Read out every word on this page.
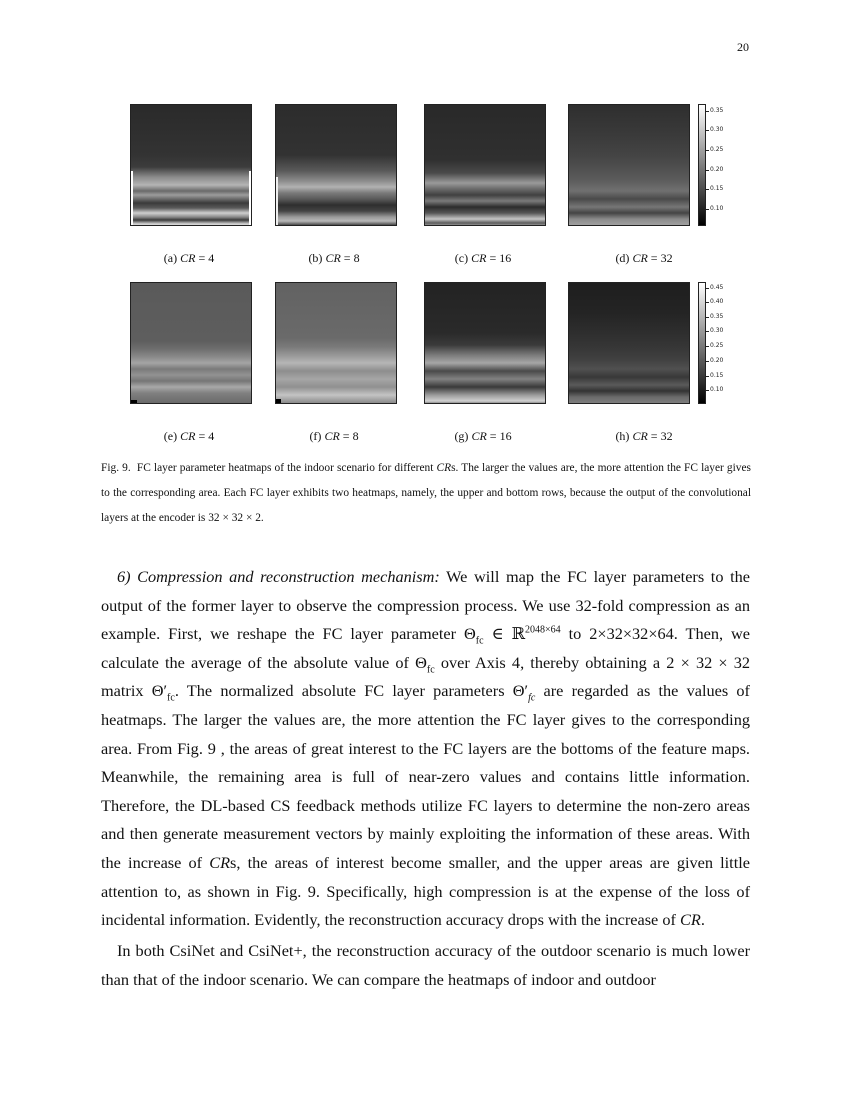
20
0.35
0.30
0.25
0.20
0.15
0.10
(a) CR = 4	(b) CR = 8	(c) CR = 16	(d) CR = 32
0.45
0.40
0.35
0.30
0.25
0.20
0.15
0.10
(e) CR = 4	(f) CR = 8	(g) CR = 16	(h) CR = 32
Fig. 9. FC layer parameter heatmaps of the indoor scenario for different CRs. The larger the values are, the more attention the FC layer gives to the corresponding area. Each FC layer exhibits two heatmaps, namely, the upper and bottom rows, because the output of the convolutional layers at the encoder is 32 × 32 × 2.
6) Compression and reconstruction mechanism: We will map the FC layer parameters to the output of the former layer to observe the compression process. We use 32-fold compression as an example. First, we reshape the FC layer parameter $\Theta_{fc}$ ∈ ℝ$^{2048\times 64}$ to 2×32×32×64. Then, we calculate the average of the absolute value of $\Theta_{fc}$ over Axis 4, thereby obtaining a 2 × 32 × 32 matrix $\Theta'_{fc}$. The normalized absolute FC layer parameters $\Theta'_{fc}$ are regarded as the values of heatmaps. The larger the values are, the more attention the FC layer gives to the corresponding area. From Fig. 9 , the areas of great interest to the FC layers are the bottoms of the feature maps. Meanwhile, the remaining area is full of near-zero values and contains little information. Therefore, the DL-based CS feedback methods utilize FC layers to determine the non-zero areas and then generate measurement vectors by mainly exploiting the information of these areas. With the increase of CRs, the areas of interest become smaller, and the upper areas are given little attention to, as shown in Fig. 9. Specifically, high compression is at the expense of the loss of incidental information. Evidently, the reconstruction accuracy drops with the increase of CR.
In both CsiNet and CsiNet+, the reconstruction accuracy of the outdoor scenario is much lower than that of the indoor scenario. We can compare the heatmaps of indoor and outdoor
